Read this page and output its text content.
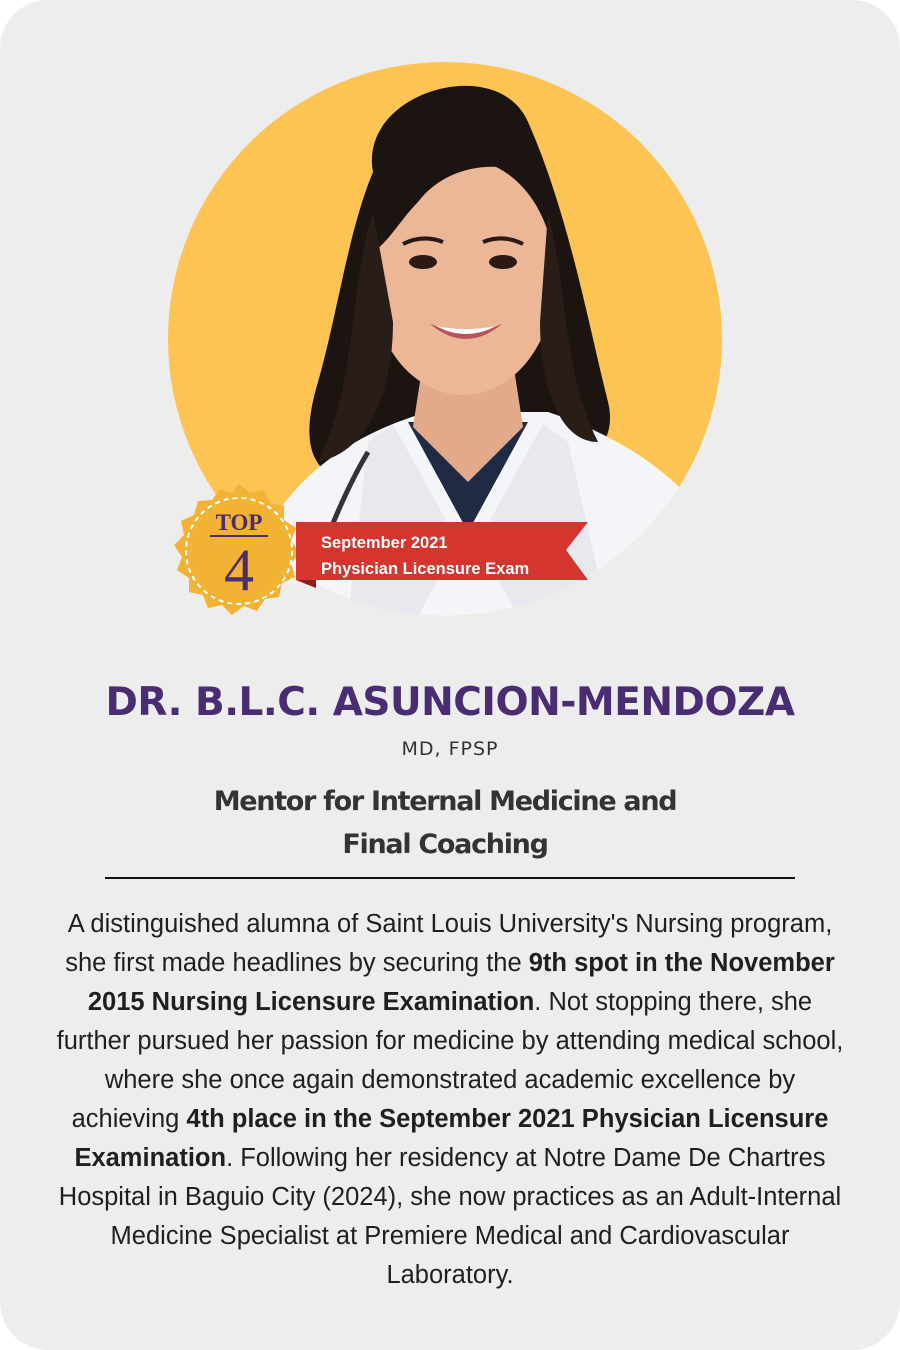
TOP
4	September 2021
Physician Licensure Exam
DR. B.L.C. ASUNCION-MENDOZA
MD, FPSP
Mentor for Internal Medicine and
Final Coaching
A distinguished alumna of Saint Louis University's Nursing program, she first made headlines by securing the 9th spot in the November 2015 Nursing Licensure Examination. Not stopping there, she further pursued her passion for medicine by attending medical school, where she once again demonstrated academic excellence by achieving 4th place in the September 2021 Physician Licensure Examination. Following her residency at Notre Dame De Chartres Hospital in Baguio City (2024), she now practices as an Adult-Internal Medicine Specialist at Premiere Medical and Cardiovascular Laboratory.
